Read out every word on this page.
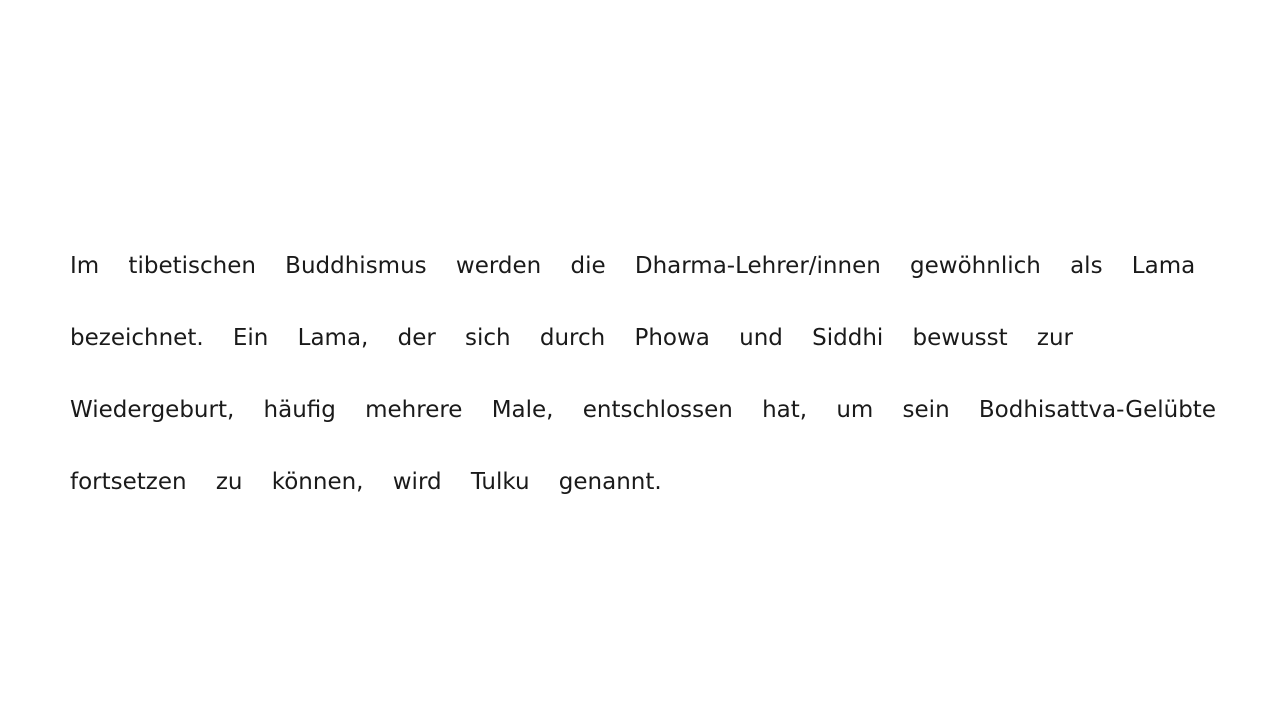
Im    tibetischen    Buddhismus    werden    die    Dharma-Lehrer/innen    gewöhnlich    als    Lama
bezeichnet.    Ein    Lama,    der    sich    durch    Phowa    und    Siddhi    bewusst    zur
Wiedergeburt,    häufig    mehrere    Male,    entschlossen    hat,    um    sein    Bodhisattva-Gelübte
fortsetzen    zu    können,    wird    Tulku    genannt.
